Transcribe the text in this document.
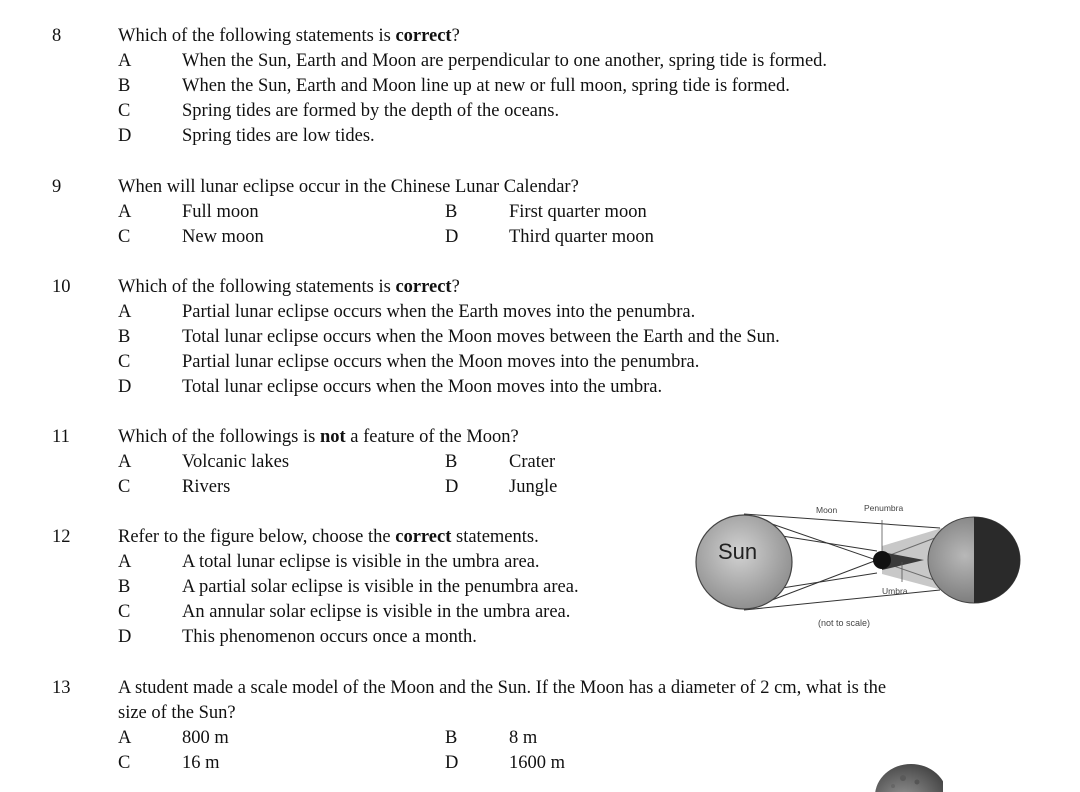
8	Which of the following statements is correct?
A	When the Sun, Earth and Moon are perpendicular to one another, spring tide is formed.
B	When the Sun, Earth and Moon line up at new or full moon, spring tide is formed.
C	Spring tides are formed by the depth of the oceans.
D	Spring tides are low tides.
9	When will lunar eclipse occur in the Chinese Lunar Calendar?
A	Full moon	B	First quarter moon
C	New moon	D	Third quarter moon
10	Which of the following statements is correct?
A	Partial lunar eclipse occurs when the Earth moves into the penumbra.
B	Total lunar eclipse occurs when the Moon moves between the Earth and the Sun.
C	Partial lunar eclipse occurs when the Moon moves into the penumbra.
D	Total lunar eclipse occurs when the Moon moves into the umbra.
11	Which of the followings is not a feature of the Moon?
A	Volcanic lakes	B	Crater
C	Rivers	D	Jungle
12	Refer to the figure below, choose the correct statements.
A	A total lunar eclipse is visible in the umbra area.
B	A partial solar eclipse is visible in the penumbra area.
C	An annular solar eclipse is visible in the umbra area.
D	This phenomenon occurs once a month.
Sun
Moon	Penumbra
Umbra
(not to scale)
13	A student made a scale model of the Moon and the Sun. If the Moon has a diameter of 2 cm, what is the
size of the Sun?
A	800 m	B	8 m
C	16 m	D	1600 m
